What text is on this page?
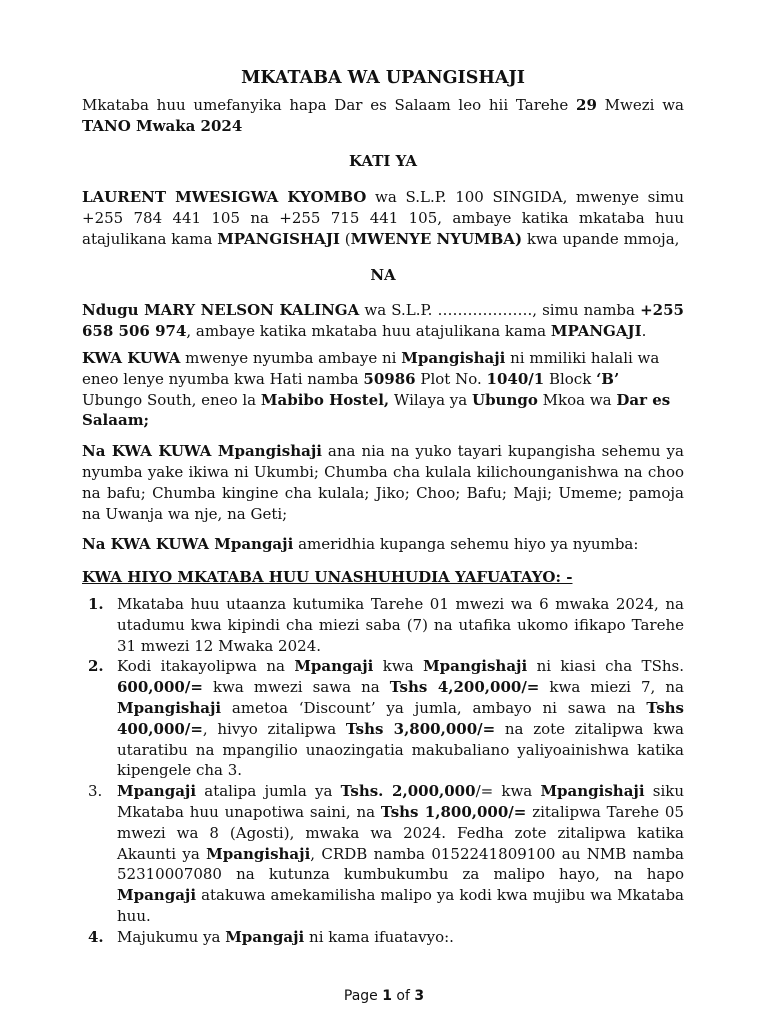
MKATABA WA UPANGISHAJI

Mkataba huu umefanyika hapa Dar es Salaam leo hii Tarehe 29 Mwezi wa TANO Mwaka 2024

KATI YA

LAURENT MWESIGWA KYOMBO wa S.L.P. 100 SINGIDA, mwenye simu +255 784 441 105 na +255 715 441 105, ambaye katika mkataba huu atajulikana kama MPANGISHAJI (MWENYE NYUMBA) kwa upande mmoja,

NA

Ndugu MARY NELSON KALINGA wa S.L.P. ………………., simu namba +255 658 506 974, ambaye katika mkataba huu atajulikana kama MPANGAJI.

KWA KUWA mwenye nyumba ambaye ni Mpangishaji ni mmiliki halali wa eneo lenye nyumba kwa Hati namba 50986 Plot No. 1040/1 Block ‘B’ Ubungo South, eneo la Mabibo Hostel, Wilaya ya Ubungo Mkoa wa Dar es Salaam;

Na KWA KUWA Mpangishaji ana nia na yuko tayari kupangisha sehemu ya nyumba yake ikiwa ni Ukumbi; Chumba cha kulala kilichounganishwa na choo na bafu; Chumba kingine cha kulala; Jiko; Choo; Bafu; Maji; Umeme; pamoja na Uwanja wa nje, na Geti;

Na KWA KUWA Mpangaji ameridhia kupanga sehemu hiyo ya nyumba:

KWA HIYO MKATABA HUU UNASHUHUDIA YAFUATAYO: -

1. Mkataba huu utaanza kutumika Tarehe 01 mwezi wa 6 mwaka 2024, na utadumu kwa kipindi cha miezi saba (7) na utafika ukomo ifikapo Tarehe 31 mwezi 12 Mwaka 2024.
2. Kodi itakayolipwa na Mpangaji kwa Mpangishaji ni kiasi cha TShs. 600,000/= kwa mwezi sawa na Tshs 4,200,000/= kwa miezi 7, na Mpangishaji ametoa ‘Discount’ ya jumla, ambayo ni sawa na Tshs 400,000/=, hivyo zitalipwa Tshs 3,800,000/= na zote zitalipwa kwa utaratibu na mpangilio unaozingatia makubaliano yaliyoainishwa katika kipengele cha 3.
3. Mpangaji atalipa jumla ya Tshs. 2,000,000/= kwa Mpangishaji siku Mkataba huu unapotiwa saini, na Tshs 1,800,000/= zitalipwa Tarehe 05 mwezi wa 8 (Agosti), mwaka wa 2024. Fedha zote zitalipwa katika Akaunti ya Mpangishaji, CRDB namba 0152241809100 au NMB namba 52310007080 na kutunza kumbukumbu za malipo hayo, na hapo Mpangaji atakuwa amekamilisha malipo ya kodi kwa mujibu wa Mkataba huu.
4. Majukumu ya Mpangaji ni kama ifuatavyo:.
Page 1 of 3
